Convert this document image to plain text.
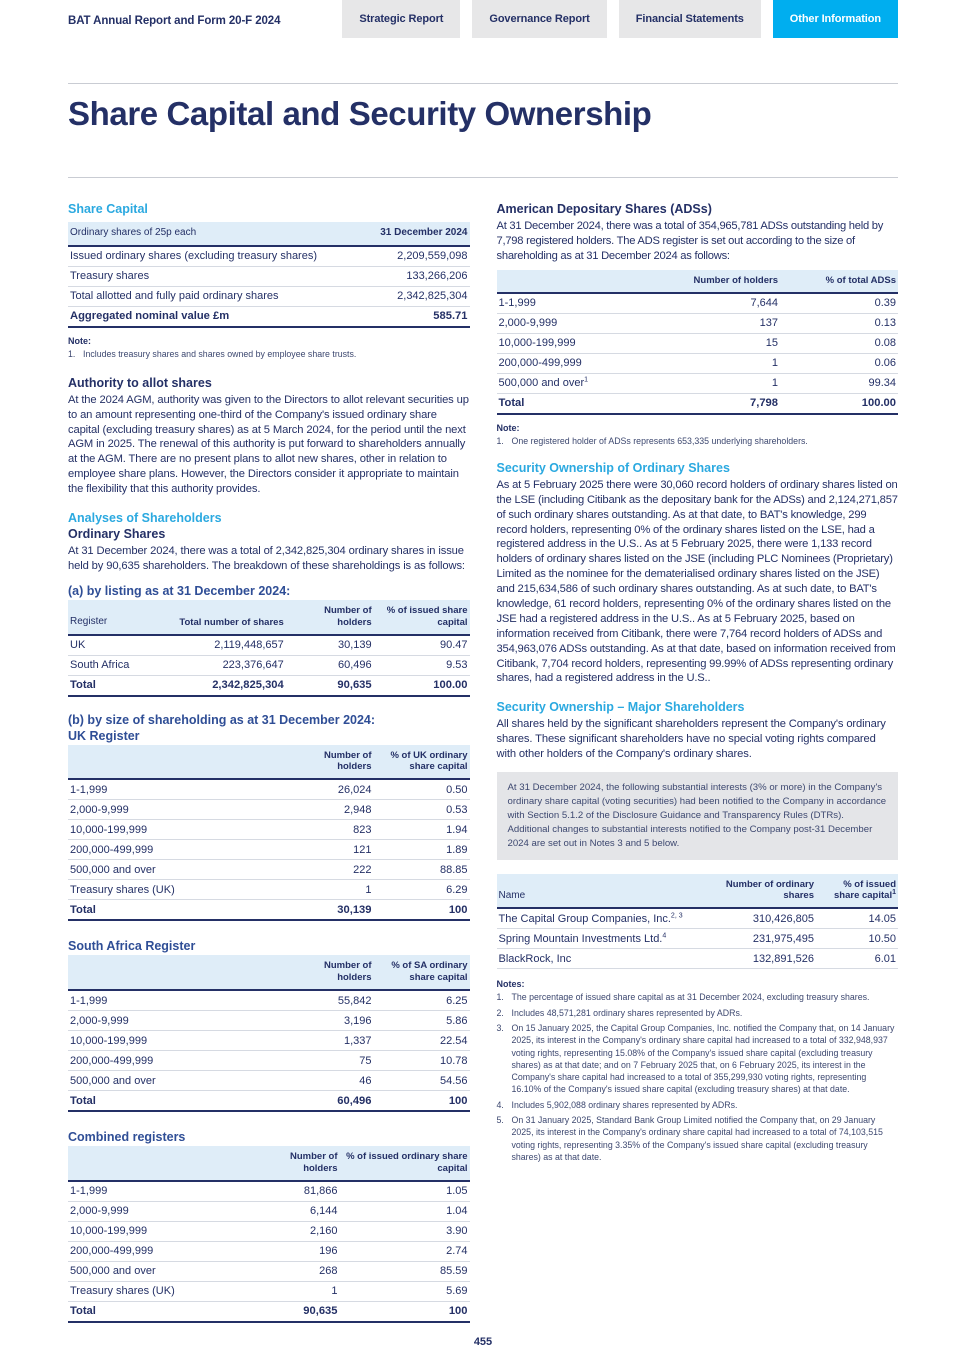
BAT Annual Report and Form 20-F 2024	Strategic Report	Governance Report	Financial Statements	Other Information
Share Capital and Security Ownership
Share Capital
Ordinary shares of 25p each	31 December 2024
Issued ordinary shares (excluding treasury shares)	2,209,559,098
Treasury shares	133,266,206
Total allotted and fully paid ordinary shares	2,342,825,304
Aggregated nominal value £m	585.71
Note:
1. Includes treasury shares and shares owned by employee share trusts.
Authority to allot shares

At the 2024 AGM, authority was given to the Directors to allot relevant securities up to an amount representing one-third of the Company's issued ordinary share capital (excluding treasury shares) as at 5 March 2024, for the period until the next AGM in 2025. The renewal of this authority is put forward to shareholders annually at the AGM. There are no present plans to allot new shares, other in relation to employee share plans. However, the Directors consider it appropriate to maintain the flexibility that this authority provides.

Analyses of Shareholders
Ordinary Shares

At 31 December 2024, there was a total of 2,342,825,304 ordinary shares in issue held by 90,635 shareholders. The breakdown of these shareholdings is as follows:

(a) by listing as at 31 December 2024:
Register	Total number of shares	Number of holders	% of issued share capital
UK	2,119,448,657	30,139	90.47
South Africa	223,376,647	60,496	9.53
Total	2,342,825,304	90,635	100.00
(b) by size of shareholding as at 31 December 2024:
UK Register
	Number of holders	% of UK ordinary share capital
1-1,999	26,024	0.50
2,000-9,999	2,948	0.53
10,000-199,999	823	1.94
200,000-499,999	121	1.89
500,000 and over	222	88.85
Treasury shares (UK)	1	6.29
Total	30,139	100
South Africa Register
	Number of holders	% of SA ordinary share capital
1-1,999	55,842	6.25
2,000-9,999	3,196	5.86
10,000-199,999	1,337	22.54
200,000-499,999	75	10.78
500,000 and over	46	54.56
Total	60,496	100
Combined registers
	Number of holders	% of issued ordinary share capital
1-1,999	81,866	1.05
2,000-9,999	6,144	1.04
10,000-199,999	2,160	3.90
200,000-499,999	196	2.74
500,000 and over	268	85.59
Treasury shares (UK)	1	5.69
Total	90,635	100
American Depositary Shares (ADSs)

At 31 December 2024, there was a total of 354,965,781 ADSs outstanding held by 7,798 registered holders. The ADS register is set out according to the size of shareholding as at 31 December 2024 as follows:

	Number of holders	% of total ADSs
1-1,999	7,644	0.39
2,000-9,999	137	0.13
10,000-199,999	15	0.08
200,000-499,999	1	0.06
500,000 and over$^1$	1	99.34
Total	7,798	100.00
Note:
1. One registered holder of ADSs represents 653,335 underlying shareholders.
Security Ownership of Ordinary Shares

As at 5 February 2025 there were 30,060 record holders of ordinary shares listed on the LSE (including Citibank as the depositary bank for the ADSs) and 2,124,271,857 of such ordinary shares outstanding. As at that date, to BAT's knowledge, 299 record holders, representing 0% of the ordinary shares listed on the LSE, had a registered address in the U.S.. As at 5 February 2025, there were 1,133 record holders of ordinary shares listed on the JSE (including PLC Nominees (Proprietary) Limited as the nominee for the dematerialised ordinary shares listed on the JSE) and 215,634,586 of such ordinary shares outstanding. As at such date, to BAT's knowledge, 61 record holders, representing 0% of the ordinary shares listed on the JSE had a registered address in the U.S.. As at 5 February 2025, based on information received from Citibank, there were 7,764 record holders of ADSs and 354,963,076 ADSs outstanding. As at that date, based on information received from Citibank, 7,704 record holders, representing 99.99% of ADSs representing ordinary shares, had a registered address in the U.S..

Security Ownership – Major Shareholders

All shares held by the significant shareholders represent the Company's ordinary shares. These significant shareholders have no special voting rights compared with other holders of the Company's ordinary shares.

At 31 December 2024, the following substantial interests (3% or more) in the Company's ordinary share capital (voting securities) had been notified to the Company in accordance with Section 5.1.2 of the Disclosure Guidance and Transparency Rules (DTRs). Additional changes to substantial interests notified to the Company post-31 December 2024 are set out in Notes 3 and 5 below.
Name	Number of ordinary shares	% of issued share capital$^1$
The Capital Group Companies, Inc.$^{2, 3}$	310,426,805	14.05
Spring Mountain Investments Ltd.$^4$	231,975,495	10.50
BlackRock, Inc	132,891,526	6.01
Notes:
1. The percentage of issued share capital as at 31 December 2024, excluding treasury shares.
2. Includes 48,571,281 ordinary shares represented by ADRs.
3. On 15 January 2025, the Capital Group Companies, Inc. notified the Company that, on 14 January 2025, its interest in the Company's ordinary share capital had increased to a total of 332,948,937 voting rights, representing 15.08% of the Company's issued share capital (excluding treasury shares) as at that date; and on 7 February 2025 that, on 6 February 2025, its interest in the Company's share capital had increased to a total of 355,299,930 voting rights, representing 16.10% of the Company's issued share capital (excluding treasury shares) at that date.
4. Includes 5,902,088 ordinary shares represented by ADRs.
5. On 31 January 2025, Standard Bank Group Limited notified the Company that, on 29 January 2025, its interest in the Company's ordinary share capital had increased to a total of 74,103,515 voting rights, representing 3.35% of the Company's issued share capital (excluding treasury shares) as at that date.
455
